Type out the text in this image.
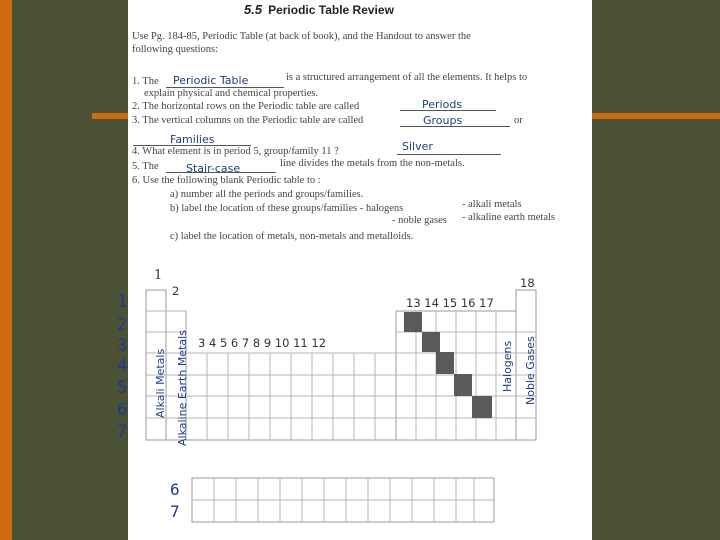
5.5 Periodic Table Review
Use Pg. 184-85, Periodic Table (at back of book), and the Handout to answer the
following questions:
1. The Periodic Table	is a structured arrangement of all the elements. It helps to
explain physical and chemical properties.
2. The horizontal rows on the Periodic table are called	Periods
3. The vertical columns on the Periodic table are called	Groups	or
Families
4. What element is in period 5, group/family 11 ?	Silver
5. The Stair-case	line divides the metals from the non-metals.
6. Use the following blank Periodic table to :
a) number all the periods and groups/families.
b) label the location of these groups/families - halogens	- alkali metals
- noble gases - alkaline earth metals
c) label the location of metals, non-metals and metalloids.
1
2
3
4
5
6
7
6
7
1
2
18
13 14 15 16 17
3 4 5 6 7 8 9 10 11 12
Alkali Metals Alkaline Earth Metals	Halogens Noble Gases
